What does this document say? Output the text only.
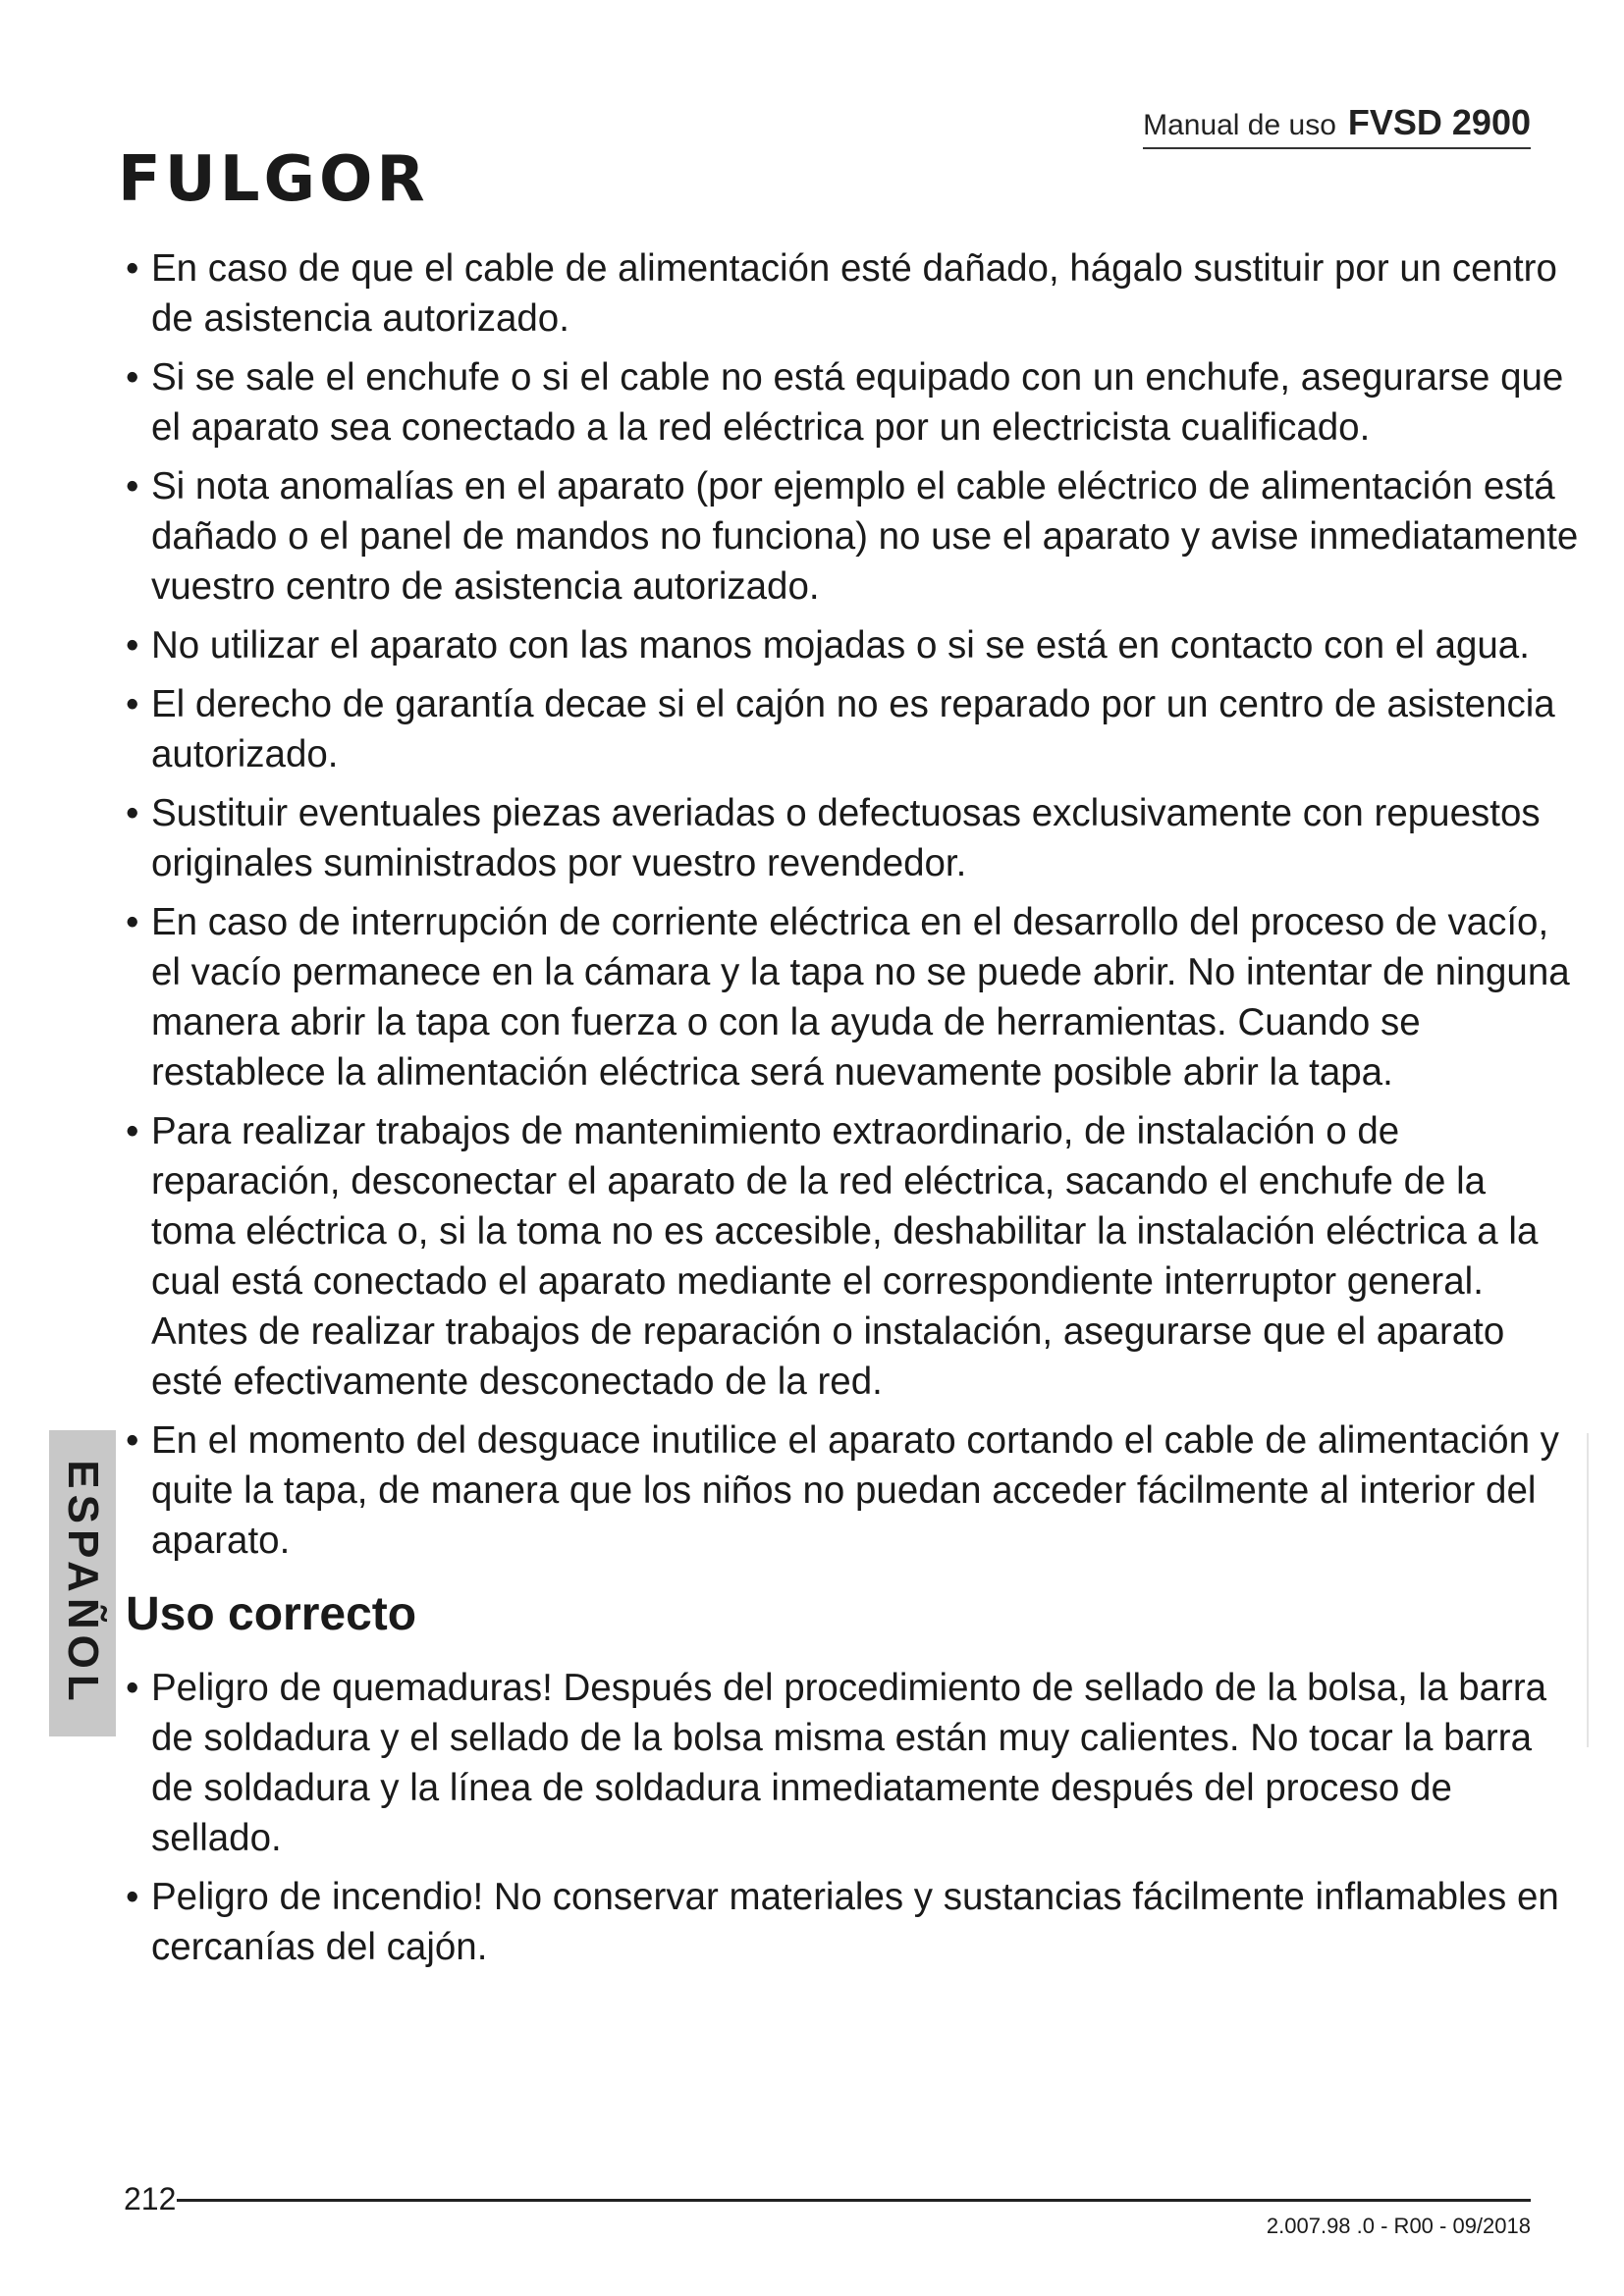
Manual de uso FVSD 2900
FULGOR
ESPAÑOL
• En caso de que el cable de alimentación esté dañado, hágalo sustituir por un centro de asistencia autorizado.
• Si se sale el enchufe o si el cable no está equipado con un enchufe, asegurarse que el aparato sea conectado a la red eléctrica por un electricista cualificado.
• Si nota anomalías en el aparato (por ejemplo el cable eléctrico de alimentación está dañado o el panel de mandos no funciona) no use el aparato y avise inmediatamente vuestro centro de asistencia autorizado.
• No utilizar el aparato con las manos mojadas o si se está en contacto con el agua.
• El derecho de garantía decae si el cajón no es reparado por un centro de asistencia autorizado.
• Sustituir eventuales piezas averiadas o defectuosas exclusivamente con repuestos originales suministrados por vuestro revendedor.
• En caso de interrupción de corriente eléctrica en el desarrollo del proceso de vacío, el vacío permanece en la cámara y la tapa no se puede abrir. No intentar de ninguna manera abrir la tapa con fuerza o con la ayuda de herramientas. Cuando se restablece la alimentación eléctrica será nuevamente posible abrir la tapa.
• Para realizar trabajos de mantenimiento extraordinario, de instalación o de reparación, desconectar el aparato de la red eléctrica, sacando el enchufe de la toma eléctrica o, si la toma no es accesible, deshabilitar la instalación eléctrica a la cual está conectado el aparato mediante el correspondiente interruptor general. Antes de realizar trabajos de reparación o instalación, asegurarse que el aparato esté efectivamente desconectado de la red.
• En el momento del desguace inutilice el aparato cortando el cable de alimentación y quite la tapa, de manera que los niños no puedan acceder fácilmente al interior del aparato.
Uso correcto
• Peligro de quemaduras! Después del procedimiento de sellado de la bolsa, la barra de soldadura y el sellado de la bolsa misma están muy calientes. No tocar la barra de soldadura y la línea de soldadura inmediatamente después del proceso de sellado.
• Peligro de incendio! No conservar materiales y sustancias fácilmente inflamables en cercanías del cajón.
212
2.007.98 .0 - R00 - 09/2018
